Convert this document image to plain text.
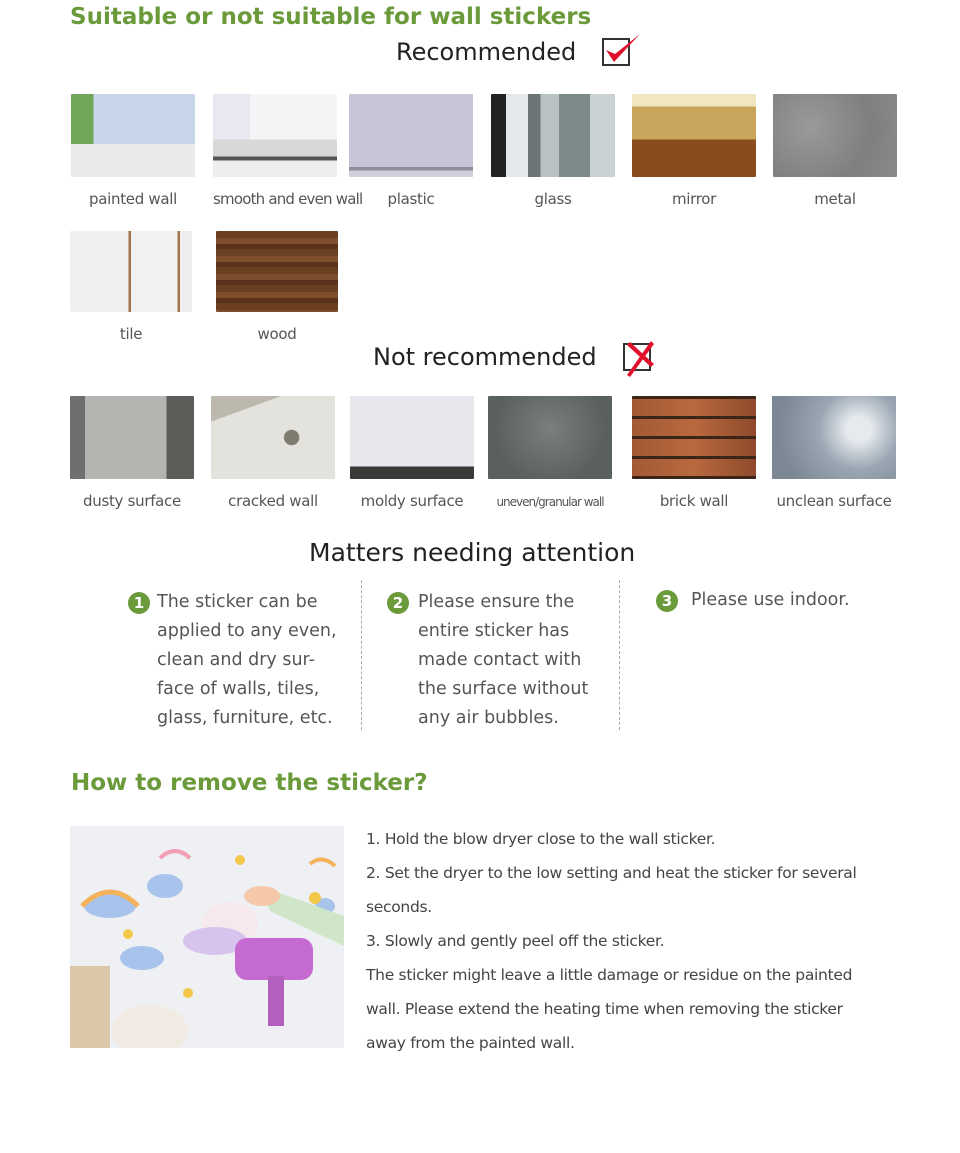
Suitable or not suitable for wall stickers
Recommended
painted wall	smooth and even wall	plastic	glass	mirror	metal
tile	wood
Not recommended
dusty surface	cracked wall	moldy surface	uneven/granular wall	brick wall	unclean surface
Matters needing attention
1 The sticker can be
applied to any even,
clean and dry sur-
face of walls, tiles,
glass, furniture, etc.
2 Please ensure the
entire sticker has
made contact with
the surface without
any air bubbles.
3	Please use indoor.
How to remove the sticker?
1. Hold the blow dryer close to the wall sticker.
2. Set the dryer to the low setting and heat the sticker for several
seconds.
3. Slowly and gently peel off the sticker.
The sticker might leave a little damage or residue on the painted
wall. Please extend the heating time when removing the sticker
away from the painted wall.
